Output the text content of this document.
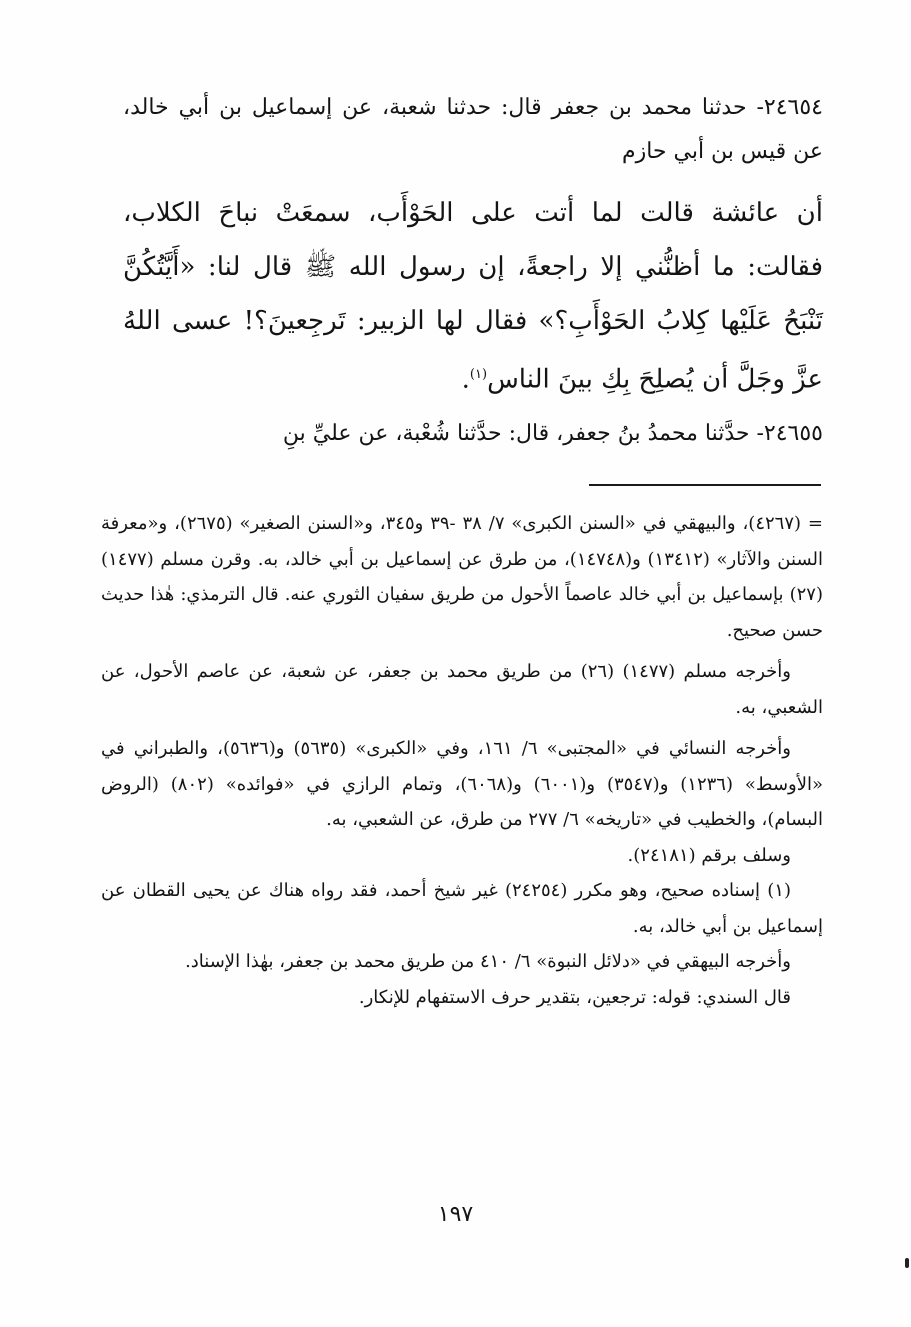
٢٤٦٥٤- حدثنا محمد بن جعفر قال: حدثنا شعبة، عن إسماعيل بن أبي خالد، عن قيس بن أبي حازم

أن عائشة قالت لما أتت على الحَوْأَب، سمعَتْ نباحَ الكلاب، فقالت: ما أظنُّني إلا راجعةً، إن رسول الله ﷺ قال لنا: «أَيَّتُكُنَّ تَنْبَحُ عَلَيْها كِلابُ الحَوْأَبِ؟» فقال لها الزبير: تَرجِعينَ؟! عسى اللهُ عزَّ وجَلَّ أن يُصلِحَ بِكِ بينَ الناس$^{(١)}$.

٢٤٦٥٥- حدَّثنا محمدُ بنُ جعفر، قال: حدَّثنا شُعْبة، عن عليِّ بنِ

= (٤٢٦٧)، والبيهقي في «السنن الكبرى» ٧/ ٣٨ -٣٩ و٣٤٥، و«السنن الصغير» (٢٦٧٥)، و«معرفة السنن والآثار» (١٣٤١٢) و(١٤٧٤٨)، من طرق عن إسماعيل بن أبي خالد، به. وقرن مسلم (١٤٧٧) (٢٧) بإسماعيل بن أبي خالد عاصماً الأحول من طريق سفيان الثوري عنه. قال الترمذي: هٰذا حديث حسن صحيح.

وأخرجه مسلم (١٤٧٧) (٢٦) من طريق محمد بن جعفر، عن شعبة، عن عاصم الأحول، عن الشعبي، به.

وأخرجه النسائي في «المجتبى» ٦/ ١٦١، وفي «الكبرى» (٥٦٣٥) و(٥٦٣٦)، والطبراني في «الأوسط» (١٢٣٦) و(٣٥٤٧) و(٦٠٠١) و(٦٠٦٨)، وتمام الرازي في «فوائده» (٨٠٢) (الروض البسام)، والخطيب في «تاريخه» ٦/ ٢٧٧ من طرق، عن الشعبي، به.

وسلف برقم (٢٤١٨١).

(١) إسناده صحيح، وهو مكرر (٢٤٢٥٤) غير شيخ أحمد، فقد رواه هناك عن يحيى القطان عن إسماعيل بن أبي خالد، به.

وأخرجه البيهقي في «دلائل النبوة» ٦/ ٤١٠ من طريق محمد بن جعفر، بهٰذا الإسناد.

قال السندي: قوله: ترجعين، بتقدير حرف الاستفهام للإنكار.

١٩٧
